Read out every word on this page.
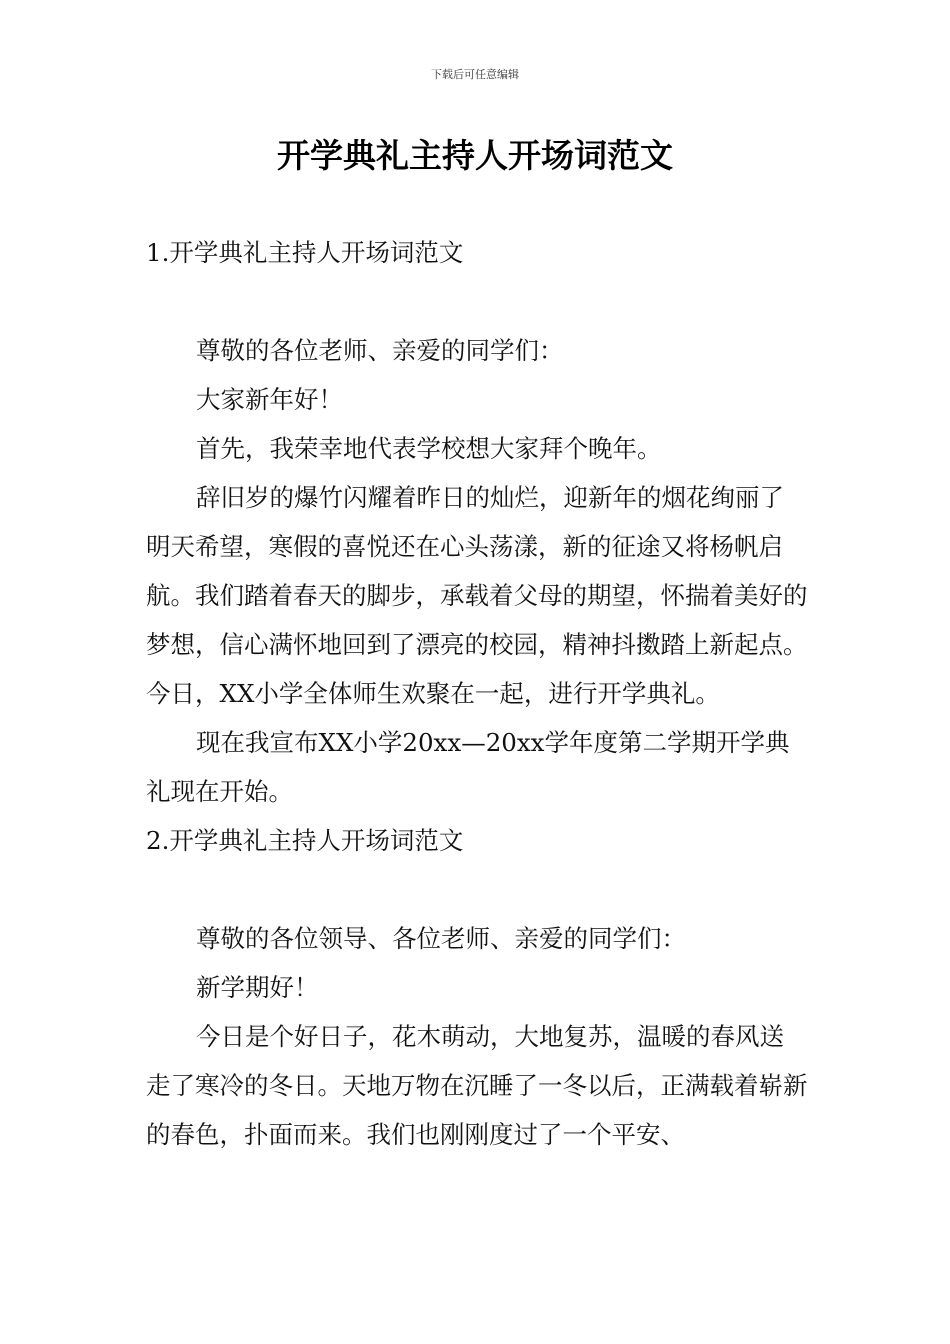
下载后可任意编辑
开学典礼主持人开场词范文

1.开学典礼主持人开场词范文

尊敬的各位老师、亲爱的同学们：

大家新年好！

首先，我荣幸地代表学校想大家拜个晚年。

辞旧岁的爆竹闪耀着昨日的灿烂，迎新年的烟花绚丽了明天希望，寒假的喜悦还在心头荡漾，新的征途又将杨帆启航。我们踏着春天的脚步，承载着父母的期望，怀揣着美好的梦想，信心满怀地回到了漂亮的校园，精神抖擞踏上新起点。今日，XX小学全体师生欢聚在一起，进行开学典礼。

现在我宣布XX小学20xx—20xx学年度第二学期开学典礼现在开始。

2.开学典礼主持人开场词范文

尊敬的各位领导、各位老师、亲爱的同学们：

新学期好！

今日是个好日子，花木萌动，大地复苏，温暖的春风送走了寒冷的冬日。天地万物在沉睡了一冬以后，正满载着崭新的春色，扑面而来。我们也刚刚度过了一个平安、
